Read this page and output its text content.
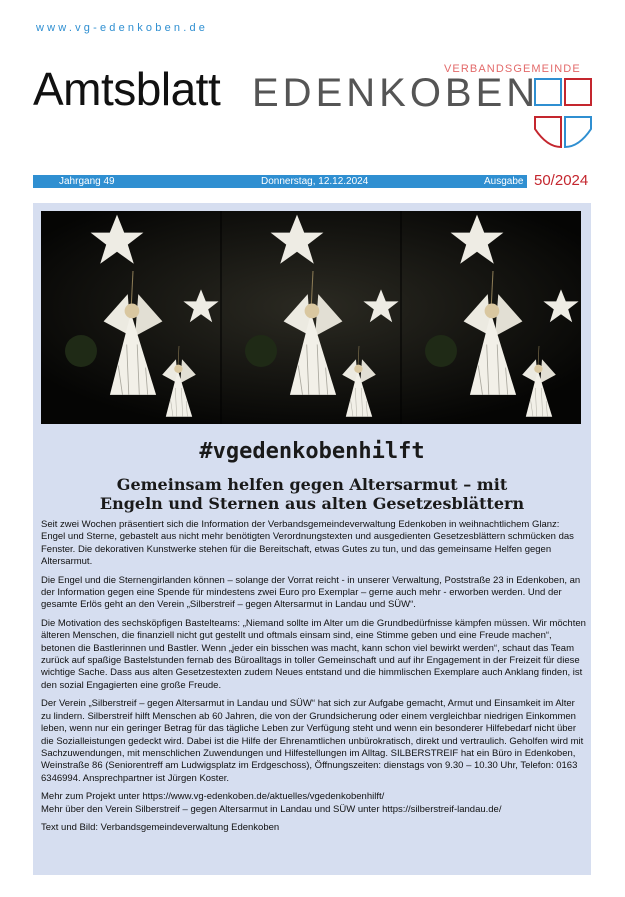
www.vg-edenkoben.de
Amtsblatt	VERBANDSGEMEINDE
EDENKOBEN
Jahrgang 49	Donnerstag, 12.12.2024	Ausgabe 50/2024
#vgedenkobenhilft
Gemeinsam helfen gegen Altersarmut – mit
Engeln und Sternen aus alten Gesetzesblättern

Seit zwei Wochen präsentiert sich die Information der Verbandsgemeindeverwaltung Edenkoben in weihnachtlichem Glanz: Engel und Sterne, gebastelt aus nicht mehr benötigten Verordnungstexten und ausgedienten Gesetzesblättern schmücken das Fenster. Die dekorativen Kunstwerke stehen für die Bereitschaft, etwas Gutes zu tun, und das gemeinsame Helfen gegen Altersarmut.

Die Engel und die Sternengirlanden können – solange der Vorrat reicht - in unserer Verwaltung, Poststraße 23 in Edenkoben, an der Information gegen eine Spende für mindestens zwei Euro pro Exemplar – gerne auch mehr - erworben werden. Und der gesamte Erlös geht an den Verein „Silberstreif – gegen Altersarmut in Landau und SÜW“.

Die Motivation des sechsköpfigen Bastelteams: „Niemand sollte im Alter um die Grundbedürfnisse kämpfen müssen. Wir möchten älteren Menschen, die finanziell nicht gut gestellt und oftmals einsam sind, eine Stimme geben und eine Freude machen“, betonen die Bastlerinnen und Bastler. Wenn „jeder ein bisschen was macht, kann schon viel bewirkt werden“, schaut das Team zurück auf spaßige Bastelstunden fernab des Büroalltags in toller Gemeinschaft und auf ihr Engagement in der Freizeit für diese wichtige Sache. Dass aus alten Gesetzestexten zudem Neues entstand und die himmlischen Exemplare auch Anklang finden, ist den sozial Engagierten eine große Freude.

Der Verein „Silberstreif – gegen Altersarmut in Landau und SÜW“ hat sich zur Aufgabe gemacht, Armut und Einsamkeit im Alter zu lindern. Silberstreif hilft Menschen ab 60 Jahren, die von der Grundsicherung oder einem vergleichbar niedrigen Einkommen leben, wenn nur ein geringer Betrag für das tägliche Leben zur Verfügung steht und wenn ein besonderer Hilfebedarf nicht über die Sozialleistungen gedeckt wird. Dabei ist die Hilfe der Ehrenamtlichen unbürokratisch, direkt und vertraulich. Geholfen wird mit Sachzuwendungen, mit menschlichen Zuwendungen und Hilfestellungen im Alltag. SILBERSTREIF hat ein Büro in Edenkoben, Weinstraße 86 (Seniorentreff am Ludwigsplatz im Erdgeschoss), Öffnungszeiten: dienstags von 9.30 – 10.30 Uhr, Telefon: 0163 6346994. Ansprechpartner ist Jürgen Koster.

Mehr zum Projekt unter https://www.vg-edenkoben.de/aktuelles/vgedenkobenhilft/

Mehr über den Verein Silberstreif – gegen Altersarmut in Landau und SÜW unter https://silberstreif-landau.de/

Text und Bild: Verbandsgemeindeverwaltung Edenkoben
